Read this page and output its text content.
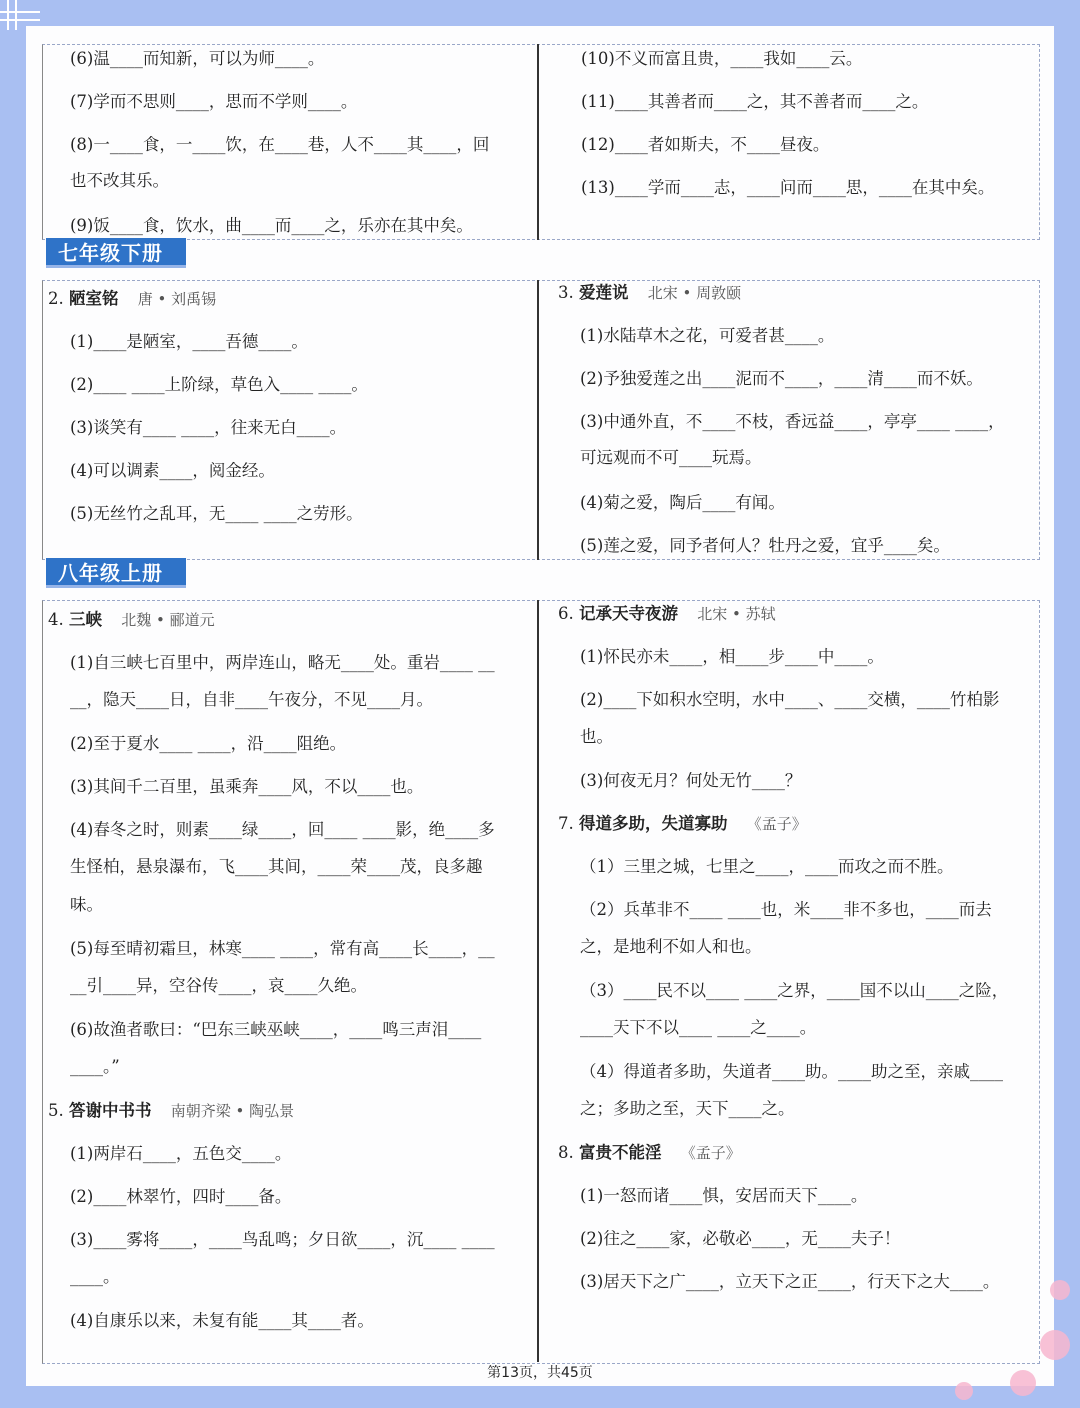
(6)温____而知新，可以为师____。
(7)学而不思则____，思而不学则____。
(8)一____食，一____饮，在____巷，人不____其____，回
也不改其乐。
(9)饭____食，饮水，曲____而____之，乐亦在其中矣。
(10)不义而富且贵，____我如____云。
(11)____其善者而____之，其不善者而____之。
(12)____者如斯夫，不____昼夜。
(13)____学而____志，____问而____思，____在其中矣。
七年级下册
2. 陋室铭 唐 • 刘禹锡
(1)____是陋室，____吾德____。
(2)____ ____上阶绿，草色入____ ____。
(3)谈笑有____ ____，往来无白____。
(4)可以调素____，阅金经。
(5)无丝竹之乱耳，无____ ____之劳形。
3. 爱莲说 北宋 • 周敦颐
(1)水陆草木之花，可爱者甚____。
(2)予独爱莲之出____泥而不____，____清____而不妖。
(3)中通外直，不____不枝，香远益____，亭亭____ ____，
可远观而不可____玩焉。
(4)菊之爱，陶后____有闻。
(5)莲之爱，同予者何人？牡丹之爱，宜乎____矣。
八年级上册
4. 三峡 北魏 • 郦道元
(1)自三峡七百里中，两岸连山，略无____处。重岩____ __
__，隐天____日，自非____午夜分，不见____月。
(2)至于夏水____ ____，沿____阻绝。
(3)其间千二百里，虽乘奔____风，不以____也。
(4)春冬之时，则素____绿____，回____ ____影，绝____多
生怪柏，悬泉瀑布，飞____其间，____荣____茂，良多趣
味。
(5)每至晴初霜旦，林寒____ ____，常有高____长____，__
__引____异，空谷传____，哀____久绝。
(6)故渔者歌曰：“巴东三峡巫峡____，____鸣三声泪____
____。”
5. 答谢中书书 南朝齐梁 • 陶弘景
(1)两岸石____，五色交____。
(2)____林翠竹，四时____备。
(3)____雾将____，____鸟乱鸣；夕日欲____，沉____ ____
____。
(4)自康乐以来，未复有能____其____者。
6. 记承天寺夜游 北宋 • 苏轼
(1)怀民亦未____，相____步____中____。
(2)____下如积水空明，水中____、____交横，____竹柏影
也。
(3)何夜无月？何处无竹____？
7. 得道多助，失道寡助 《孟子》
（1）三里之城，七里之____，____而攻之而不胜。
（2）兵革非不____ ____也，米____非不多也，____而去
之，是地利不如人和也。
（3）____民不以____ ____之界，____国不以山____之险，
____天下不以____ ____之____。
（4）得道者多助，失道者____助。____助之至，亲戚____
之；多助之至，天下____之。
8. 富贵不能淫 《孟子》
(1)一怒而诸____惧，安居而天下____。
(2)往之____家，必敬必____，无____夫子！
(3)居天下之广____，立天下之正____，行天下之大____。
第13页，共45页
